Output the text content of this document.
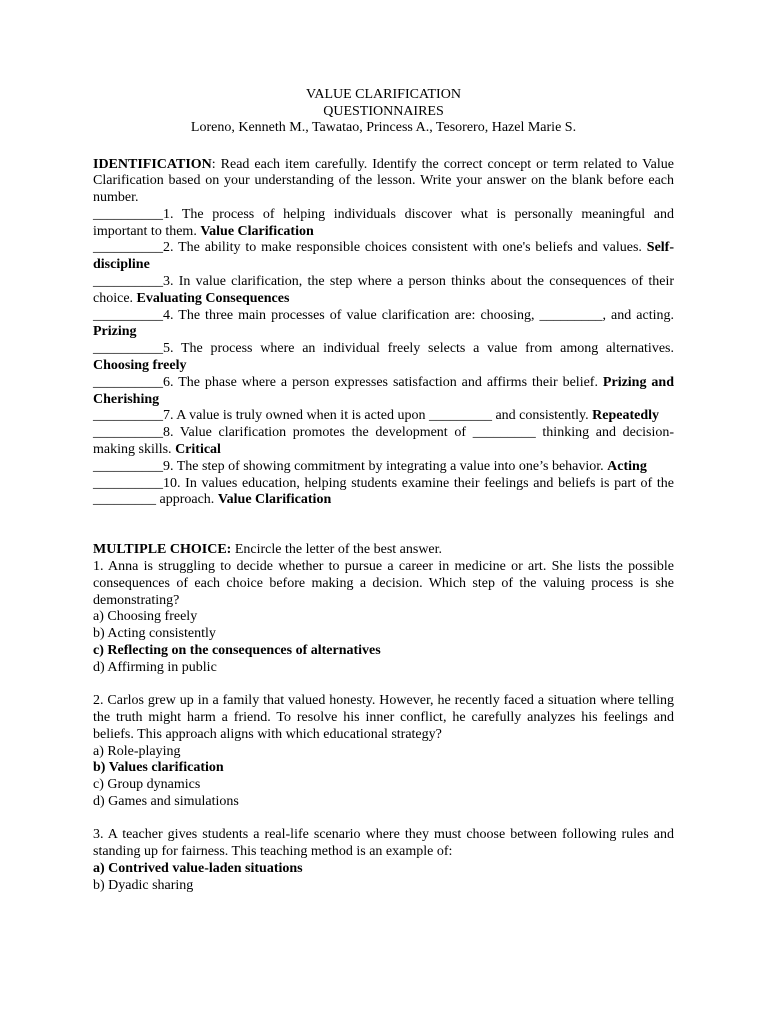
VALUE CLARIFICATION
QUESTIONNAIRES
Loreno, Kenneth M., Tawatao, Princess A., Tesorero, Hazel Marie S.

IDENTIFICATION: Read each item carefully. Identify the correct concept or term related to Value Clarification based on your understanding of the lesson. Write your answer on the blank before each number.

__________1. The process of helping individuals discover what is personally meaningful and important to them. Value Clarification

__________2. The ability to make responsible choices consistent with one's beliefs and values. Self-discipline

__________3. In value clarification, the step where a person thinks about the consequences of their choice. Evaluating Consequences

__________4. The three main processes of value clarification are: choosing, _________, and acting. Prizing

__________5. The process where an individual freely selects a value from among alternatives. Choosing freely

__________6. The phase where a person expresses satisfaction and affirms their belief. Prizing and Cherishing

__________7. A value is truly owned when it is acted upon _________ and consistently. Repeatedly

__________8. Value clarification promotes the development of _________ thinking and decision-making skills. Critical

__________9. The step of showing commitment by integrating a value into one’s behavior. Acting

__________10. In values education, helping students examine their feelings and beliefs is part of the _________ approach. Value Clarification

MULTIPLE CHOICE: Encircle the letter of the best answer.

1. Anna is struggling to decide whether to pursue a career in medicine or art. She lists the possible consequences of each choice before making a decision. Which step of the valuing process is she demonstrating?

a) Choosing freely
b) Acting consistently
c) Reflecting on the consequences of alternatives
d) Affirming in public

2. Carlos grew up in a family that valued honesty. However, he recently faced a situation where telling the truth might harm a friend. To resolve his inner conflict, he carefully analyzes his feelings and beliefs. This approach aligns with which educational strategy?

a) Role-playing
b) Values clarification
c) Group dynamics
d) Games and simulations

3. A teacher gives students a real-life scenario where they must choose between following rules and standing up for fairness. This teaching method is an example of:

a) Contrived value-laden situations
b) Dyadic sharing
